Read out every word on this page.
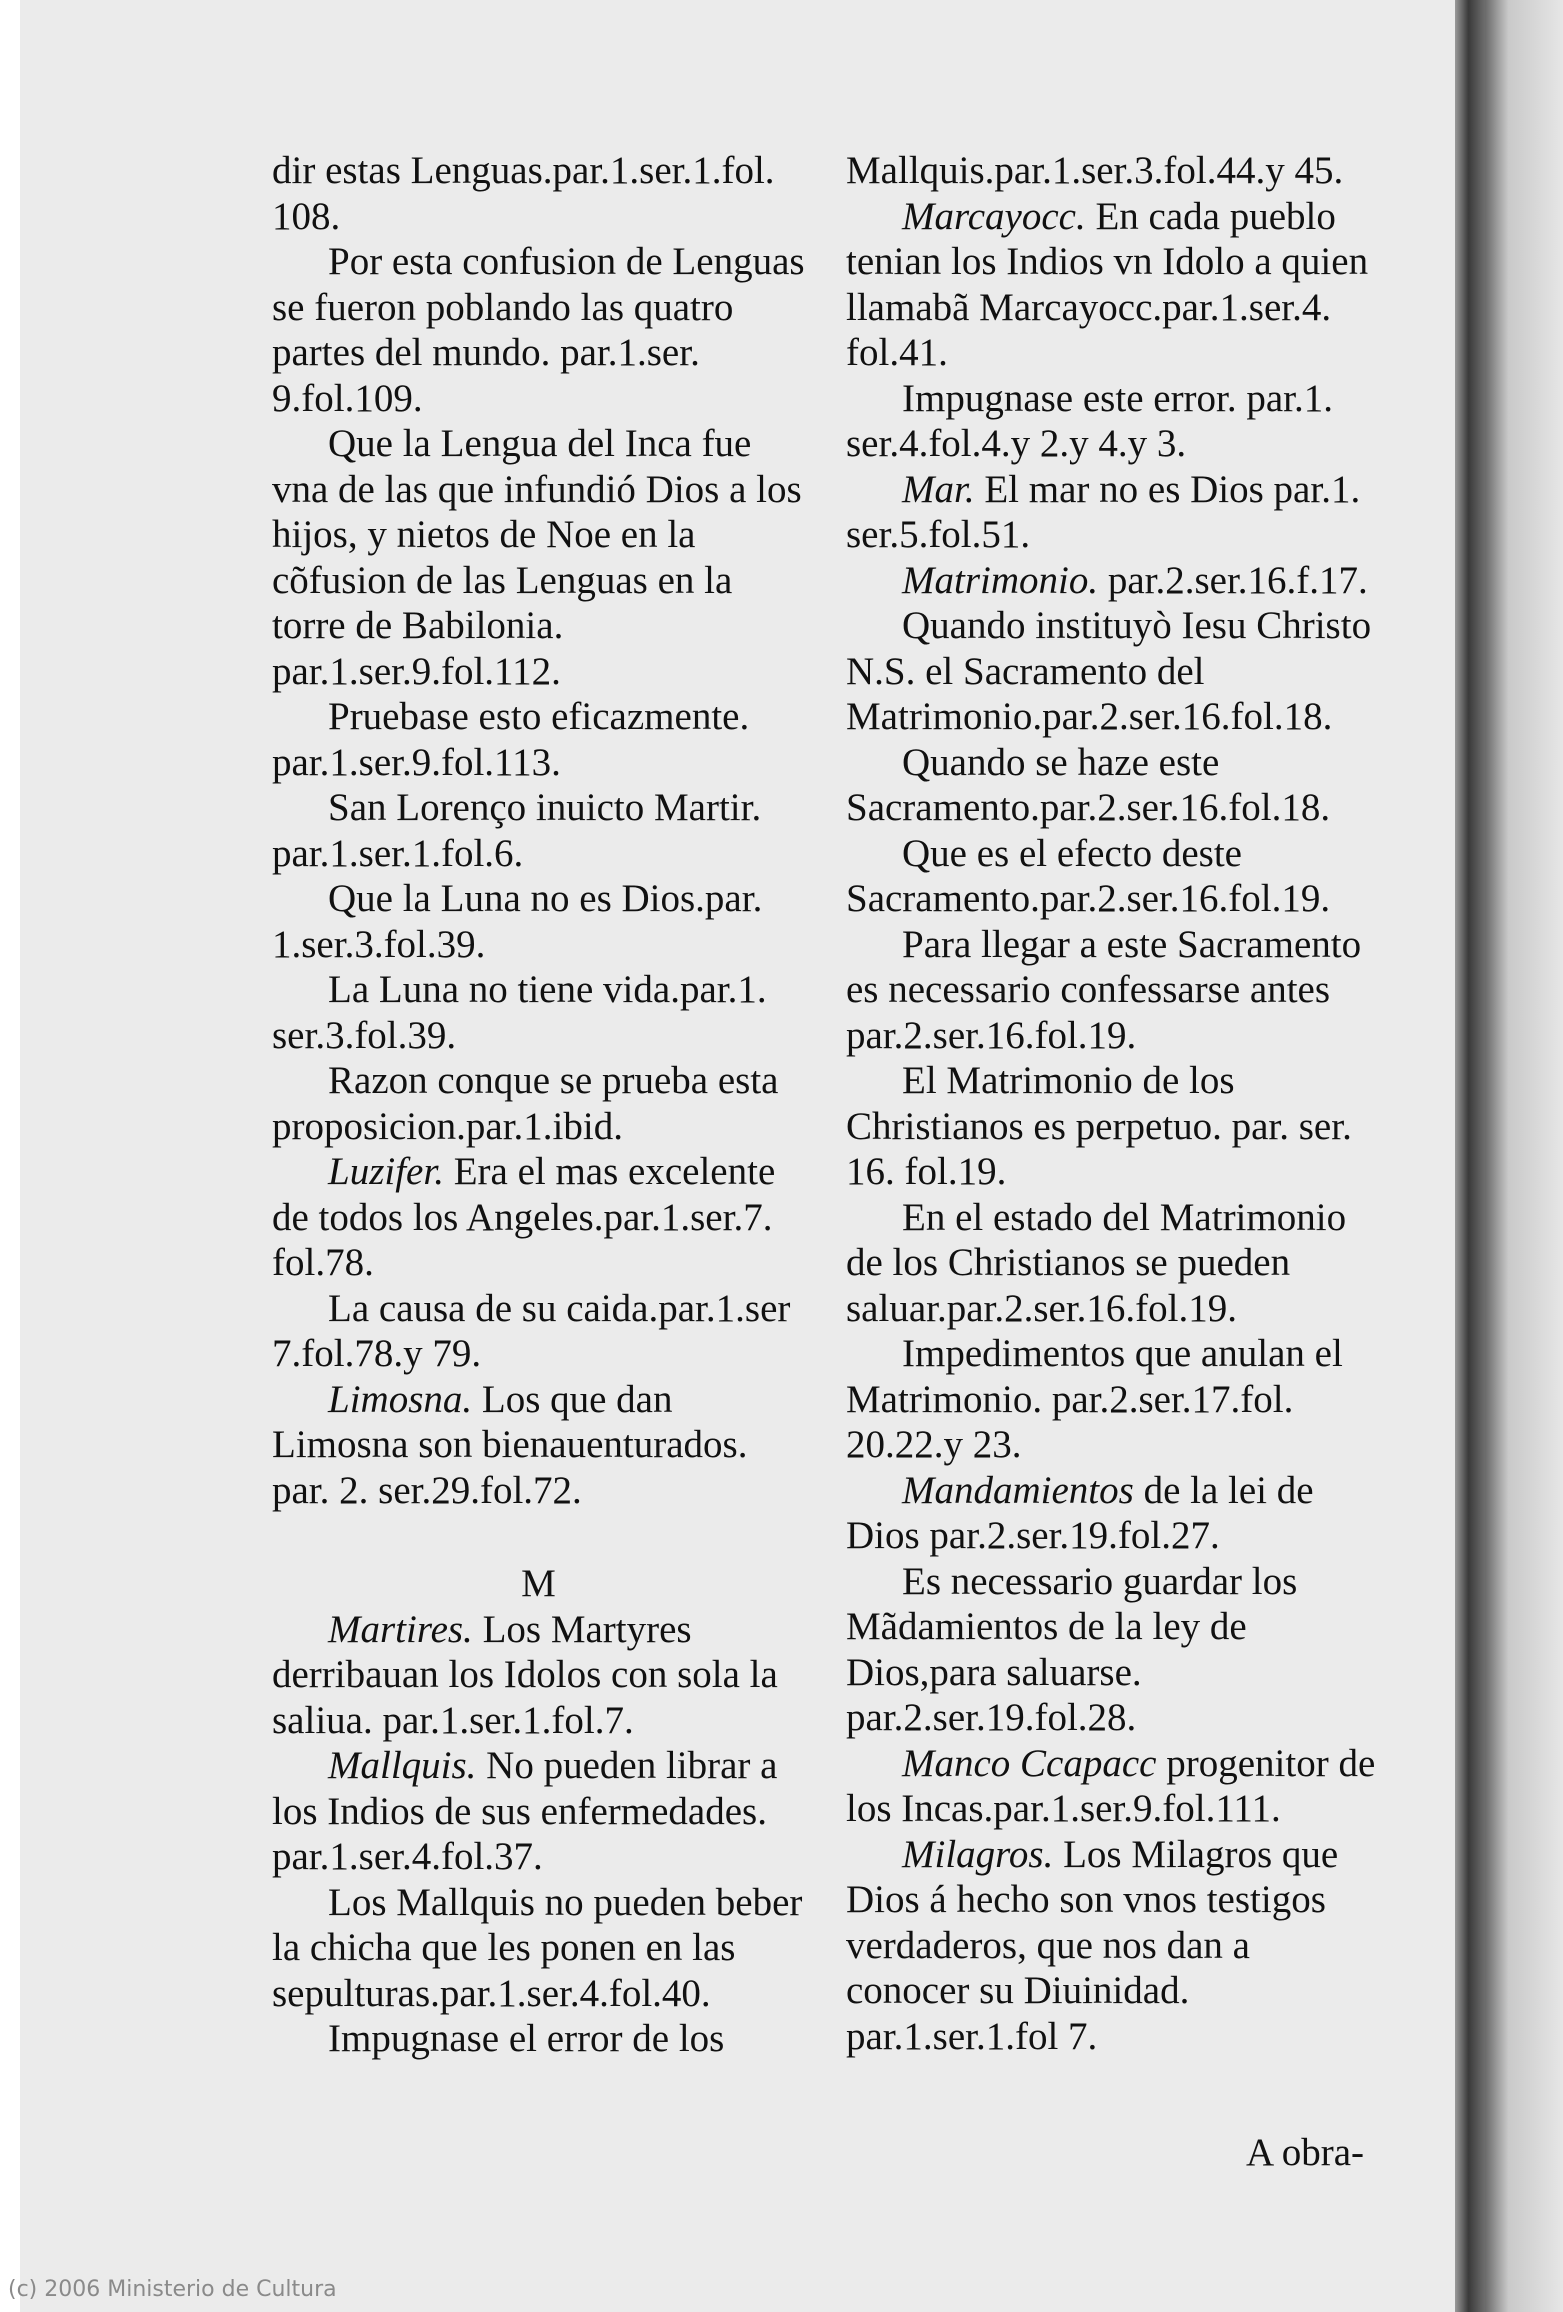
dir estas Lenguas.par.1.ser.1.fol. 108.

Por esta confusion de Lenguas se fueron poblando las quatro partes del mundo. par.1.ser. 9.fol.109.

Que la Lengua del Inca fue vna de las que infundió Dios a los hijos, y nietos de Noe en la cõfusion de las Lenguas en la torre de Babilonia. par.1.ser.9.fol.112.

Pruebase esto eficazmente. par.1.ser.9.fol.113.

San Lorenço inuicto Martir. par.1.ser.1.fol.6.

Que la Luna no es Dios.par. 1.ser.3.fol.39.

La Luna no tiene vida.par.1. ser.3.fol.39.

Razon conque se prueba esta proposicion.par.1.ibid.

Luzifer. Era el mas excelente de todos los Angeles.par.1.ser.7. fol.78.

La causa de su caida.par.1.ser 7.fol.78.y 79.

Limosna. Los que dan Limosna son bienauenturados. par. 2. ser.29.fol.72.

M

Martires. Los Martyres derribauan los Idolos con sola la saliua. par.1.ser.1.fol.7.

Mallquis. No pueden librar a los Indios de sus enfermedades. par.1.ser.4.fol.37.

Los Mallquis no pueden beber la chicha que les ponen en las sepulturas.par.1.ser.4.fol.40.

Impugnase el error de los

Mallquis.par.1.ser.3.fol.44.y 45.

Marcayocc. En cada pueblo tenian los Indios vn Idolo a quien llamabã Marcayocc.par.1.ser.4. fol.41.

Impugnase este error. par.1. ser.4.fol.4.y 2.y 4.y 3.

Mar. El mar no es Dios par.1. ser.5.fol.51.

Matrimonio. par.2.ser.16.f.17.

Quando instituyò Iesu Christo N.S. el Sacramento del Matrimonio.par.2.ser.16.fol.18.

Quando se haze este Sacramento.par.2.ser.16.fol.18.

Que es el efecto deste Sacramento.par.2.ser.16.fol.19.

Para llegar a este Sacramento es necessario confessarse antes par.2.ser.16.fol.19.

El Matrimonio de los Christianos es perpetuo. par. ser. 16. fol.19.

En el estado del Matrimonio de los Christianos se pueden saluar.par.2.ser.16.fol.19.

Impedimentos que anulan el Matrimonio. par.2.ser.17.fol. 20.22.y 23.

Mandamientos de la lei de Dios par.2.ser.19.fol.27.

Es necessario guardar los Mãdamientos de la ley de Dios,para saluarse. par.2.ser.19.fol.28.

Manco Ccapacc progenitor de los Incas.par.1.ser.9.fol.111.

Milagros. Los Milagros que Dios á hecho son vnos testigos verdaderos, que nos dan a conocer su Diuinidad. par.1.ser.1.fol 7.

A obra-
(c) 2006 Ministerio de Cultura
